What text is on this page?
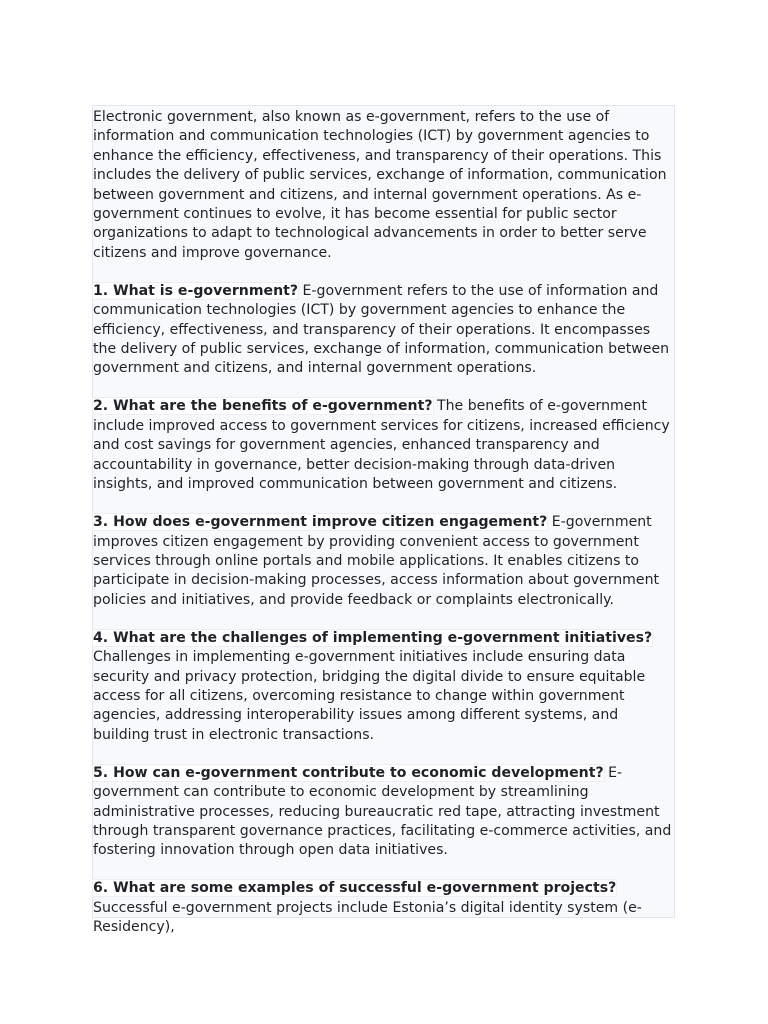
Electronic government, also known as e-government, refers to the use of information and communication technologies (ICT) by government agencies to enhance the efficiency, effectiveness, and transparency of their operations. This includes the delivery of public services, exchange of information, communication between government and citizens, and internal government operations. As e-government continues to evolve, it has become essential for public sector organizations to adapt to technological advancements in order to better serve citizens and improve governance.

1. What is e-government? E-government refers to the use of information and communication technologies (ICT) by government agencies to enhance the efficiency, effectiveness, and transparency of their operations. It encompasses the delivery of public services, exchange of information, communication between government and citizens, and internal government operations.

2. What are the benefits of e-government? The benefits of e-government include improved access to government services for citizens, increased efficiency and cost savings for government agencies, enhanced transparency and accountability in governance, better decision-making through data-driven insights, and improved communication between government and citizens.

3. How does e-government improve citizen engagement? E-government improves citizen engagement by providing convenient access to government services through online portals and mobile applications. It enables citizens to participate in decision-making processes, access information about government policies and initiatives, and provide feedback or complaints electronically.

4. What are the challenges of implementing e-government initiatives? Challenges in implementing e-government initiatives include ensuring data security and privacy protection, bridging the digital divide to ensure equitable access for all citizens, overcoming resistance to change within government agencies, addressing interoperability issues among different systems, and building trust in electronic transactions.

5. How can e-government contribute to economic development? E-government can contribute to economic development by streamlining administrative processes, reducing bureaucratic red tape, attracting investment through transparent governance practices, facilitating e-commerce activities, and fostering innovation through open data initiatives.

6. What are some examples of successful e-government projects? Successful e-government projects include Estonia’s digital identity system (e-Residency),
